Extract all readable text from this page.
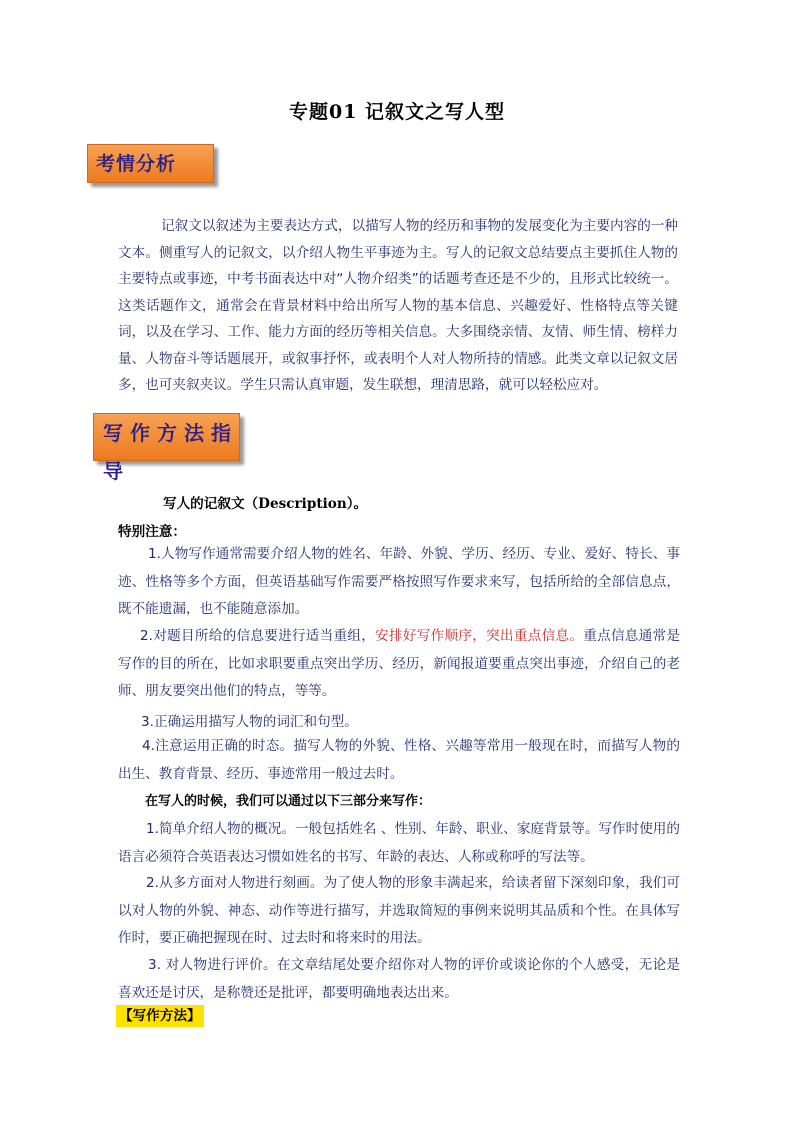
专题01 记叙文之写人型
考情分析
记叙文以叙述为主要表达方式，以描写人物的经历和事物的发展变化为主要内容的一种文本。侧重写人的记叙文，以介绍人物生平事迹为主。写人的记叙文总结要点主要抓住人物的主要特点或事迹，中考书面表达中对“人物介绍类”的话题考查还是不少的，且形式比较统一。这类话题作文，通常会在背景材料中给出所写人物的基本信息、兴趣爱好、性格特点等关键词，以及在学习、工作、能力方面的经历等相关信息。大多围绕亲情、友情、师生情、榜样力量、人物奋斗等话题展开，或叙事抒怀，或表明个人对人物所持的情感。此类文章以记叙文居多，也可夹叙夹议。学生只需认真审题，发生联想，理清思路，就可以轻松应对。
写作方法指导
写人的记叙文（Description）。
特别注意：
1.人物写作通常需要介绍人物的姓名、年龄、外貌、学历、经历、专业、爱好、特长、事迹、性格等多个方面，但英语基础写作需要严格按照写作要求来写，包括所给的全部信息点，既不能遗漏，也不能随意添加。
2.对题目所给的信息要进行适当重组，安排好写作顺序，突出重点信息。重点信息通常是写作的目的所在，比如求职要重点突出学历、经历，新闻报道要重点突出事迹，介绍自己的老师、朋友要突出他们的特点，等等。
3.正确运用描写人物的词汇和句型。
4.注意运用正确的时态。描写人物的外貌、性格、兴趣等常用一般现在时，而描写人物的出生、教育背景、经历、事迹常用一般过去时。
在写人的时候，我们可以通过以下三部分来写作：
1.简单介绍人物的概况。一般包括姓名 、性别、年龄、职业、家庭背景等。写作时使用的语言必须符合英语表达习惯如姓名的书写、年龄的表达、人称或称呼的写法等。
2.从多方面对人物进行刻画。为了使人物的形象丰满起来，给读者留下深刻印象，我们可以对人物的外貌、神态、动作等进行描写，并选取简短的事例来说明其品质和个性。在具体写作时，要正确把握现在时、过去时和将来时的用法。
3. 对人物进行评价。在文章结尾处要介绍你对人物的评价或谈论你的个人感受，无论是喜欢还是讨厌，是称赞还是批评，都要明确地表达出来。
【写作方法】
